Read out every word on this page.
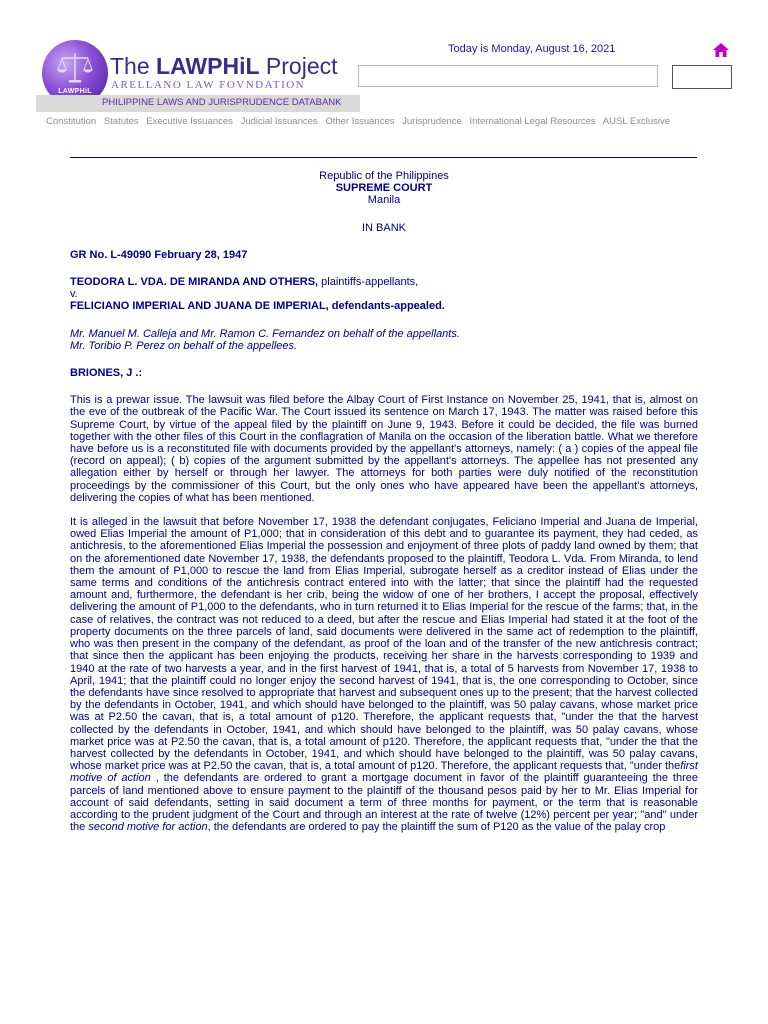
LAWPHiL
The LAWPHiL Project
ARELLANO LAW FOVNDATION
PHILIPPINE LAWS AND JURISPRUDENCE DATABANK
Today is Monday, August 16, 2021
Constitution Statutes Executive Issuances Judicial Issuances Other Issuances Jurisprudence International Legal Resources AUSL Exclusive
Republic of the Philippines
SUPREME COURT
Manila
IN BANK
GR No. L-49090 February 28, 1947
TEODORA L. VDA. DE MIRANDA AND OTHERS, plaintiffs-appellants,
v.
FELICIANO IMPERIAL AND JUANA DE IMPERIAL, defendants-appealed.
Mr. Manuel M. Calleja and Mr. Ramon C. Fernandez on behalf of the appellants.
Mr. Toribio P. Perez on behalf of the appellees.
BRIONES, J .:

This is a prewar issue. The lawsuit was filed before the Albay Court of First Instance on November 25, 1941, that is, almost on the eve of the outbreak of the Pacific War. The Court issued its sentence on March 17, 1943. The matter was raised before this Supreme Court, by virtue of the appeal filed by the plaintiff on June 9, 1943. Before it could be decided, the file was burned together with the other files of this Court in the conflagration of Manila on the occasion of the liberation battle. What we therefore have before us is a reconstituted file with documents provided by the appellant's attorneys, namely: ( a ) copies of the appeal file (record on appeal); ( b) copies of the argument submitted by the appellant's attorneys. The appellee has not presented any allegation either by herself or through her lawyer. The attorneys for both parties were duly notified of the reconstitution proceedings by the commissioner of this Court, but the only ones who have appeared have been the appellant's attorneys, delivering the copies of what has been mentioned.

It is alleged in the lawsuit that before November 17, 1938 the defendant conjugates, Feliciano Imperial and Juana de Imperial, owed Elias Imperial the amount of P1,000; that in consideration of this debt and to guarantee its payment, they had ceded, as antichresis, to the aforementioned Elias Imperial the possession and enjoyment of three plots of paddy land owned by them; that on the aforementioned date November 17, 1938, the defendants proposed to the plaintiff, Teodora L. Vda. From Miranda, to lend them the amount of P1,000 to rescue the land from Elias Imperial, subrogate herself as a creditor instead of Elias under the same terms and conditions of the antichresis contract entered into with the latter; that since the plaintiff had the requested amount and, furthermore, the defendant is her crib, being the widow of one of her brothers, I accept the proposal, effectively delivering the amount of P1,000 to the defendants, who in turn returned it to Elias Imperial for the rescue of the farms; that, in the case of relatives, the contract was not reduced to a deed, but after the rescue and Elias Imperial had stated it at the foot of the property documents on the three parcels of land, said documents were delivered in the same act of redemption to the plaintiff, who was then present in the company of the defendant, as proof of the loan and of the transfer of the new antichresis contract; that since then the applicant has been enjoying the products, receiving her share in the harvests corresponding to 1939 and 1940 at the rate of two harvests a year, and in the first harvest of 1941, that is, a total of 5 harvests from November 17, 1938 to April, 1941; that the plaintiff could no longer enjoy the second harvest of 1941, that is, the one corresponding to October, since the defendants have since resolved to appropriate that harvest and subsequent ones up to the present; that the harvest collected by the defendants in October, 1941, and which should have belonged to the plaintiff, was 50 palay cavans, whose market price was at P2.50 the cavan, that is, a total amount of p120. Therefore, the applicant requests that, "under the that the harvest collected by the defendants in October, 1941, and which should have belonged to the plaintiff, was 50 palay cavans, whose market price was at P2.50 the cavan, that is, a total amount of p120. Therefore, the applicant requests that, "under the that the harvest collected by the defendants in October, 1941, and which should have belonged to the plaintiff, was 50 palay cavans, whose market price was at P2.50 the cavan, that is, a total amount of p120. Therefore, the applicant requests that, "under thefirst motive of action , the defendants are ordered to grant a mortgage document in favor of the plaintiff guaranteeing the three parcels of land mentioned above to ensure payment to the plaintiff of the thousand pesos paid by her to Mr. Elias Imperial for account of said defendants, setting in said document a term of three months for payment, or the term that is reasonable according to the prudent judgment of the Court and through an interest at the rate of twelve (12%) percent per year; "and" under the second motive for action, the defendants are ordered to pay the plaintiff the sum of P120 as the value of the palay crop
